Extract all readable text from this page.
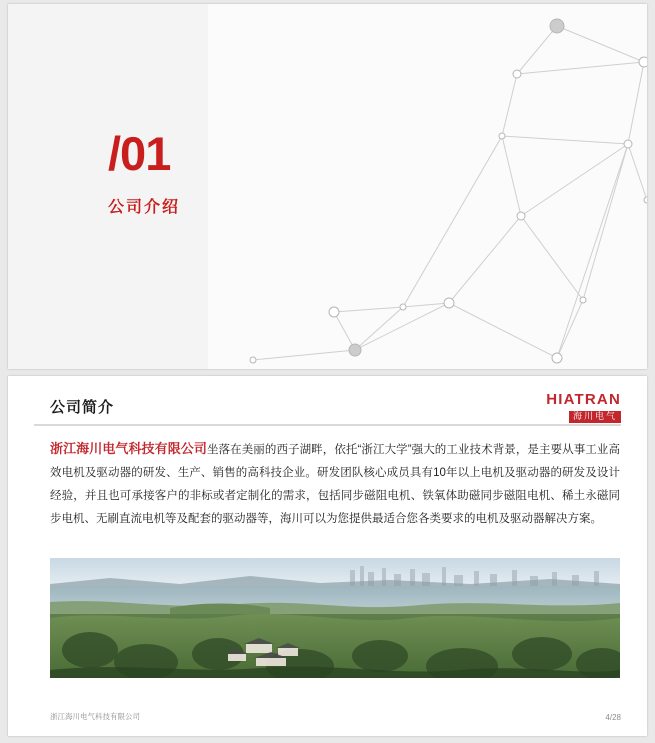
/01
公司介绍
公司简介	HIATRAN
海川电气
浙江海川电气科技有限公司坐落在美丽的西子湖畔，依托“浙江大学”强大的工业技术背景，是主要从事工业高效电机及驱动器的研发、生产、销售的高科技企业。研发团队核心成员具有10年以上电机及驱动器的研发及设计经验，并且也可承接客户的非标或者定制化的需求，包括同步磁阻电机、铁氧体助磁同步磁阻电机、稀土永磁同步电机、无刷直流电机等及配套的驱动器等，海川可以为您提供最适合您各类要求的电机及驱动器解决方案。
浙江海川电气科技有限公司	4/28
